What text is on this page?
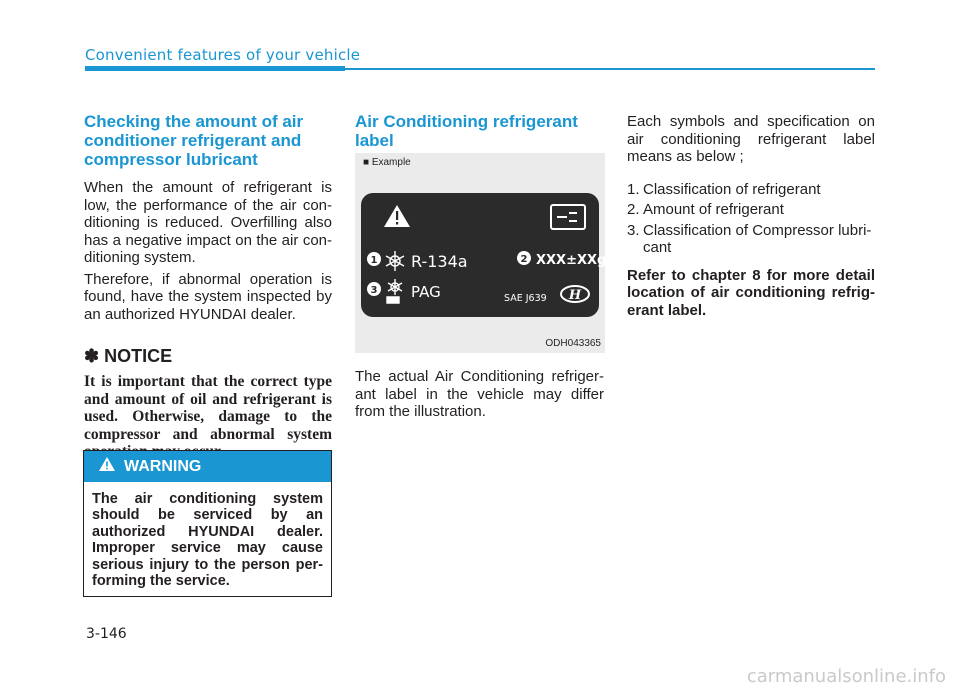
Convenient features of your vehicle
Checking the amount of air conditioner refrigerant and compressor lubricant

When the amount of refrigerant is low, the performance of the air con-ditioning is reduced. Overfilling also has a negative impact on the air con-ditioning system.

Therefore, if abnormal operation is found, have the system inspected by an authorized HYUNDAI dealer.

✽ NOTICE
It is important that the correct type and amount of oil and refrigerant is used. Otherwise, damage to the compressor and abnormal system
WARNING
The air conditioning system should be serviced by an authorized HYUNDAI dealer. Improper service may cause serious injury to the person per-forming the service.
Air Conditioning refrigerant label
■ Example
1 R-134a	2 XXX±XXg
3 PAG	SAE J639 H
ODH043365

The actual Air Conditioning refriger-ant label in the vehicle may differ from the illustration.

Each symbols and specification on air conditioning refrigerant label means as below ;

1. Classification of refrigerant
2. Amount of refrigerant
3. Classification of Compressor lubri-cant
Refer to chapter 8 for more detail location of air conditioning refrig-erant label.
3-146
carmanualsonline.info
